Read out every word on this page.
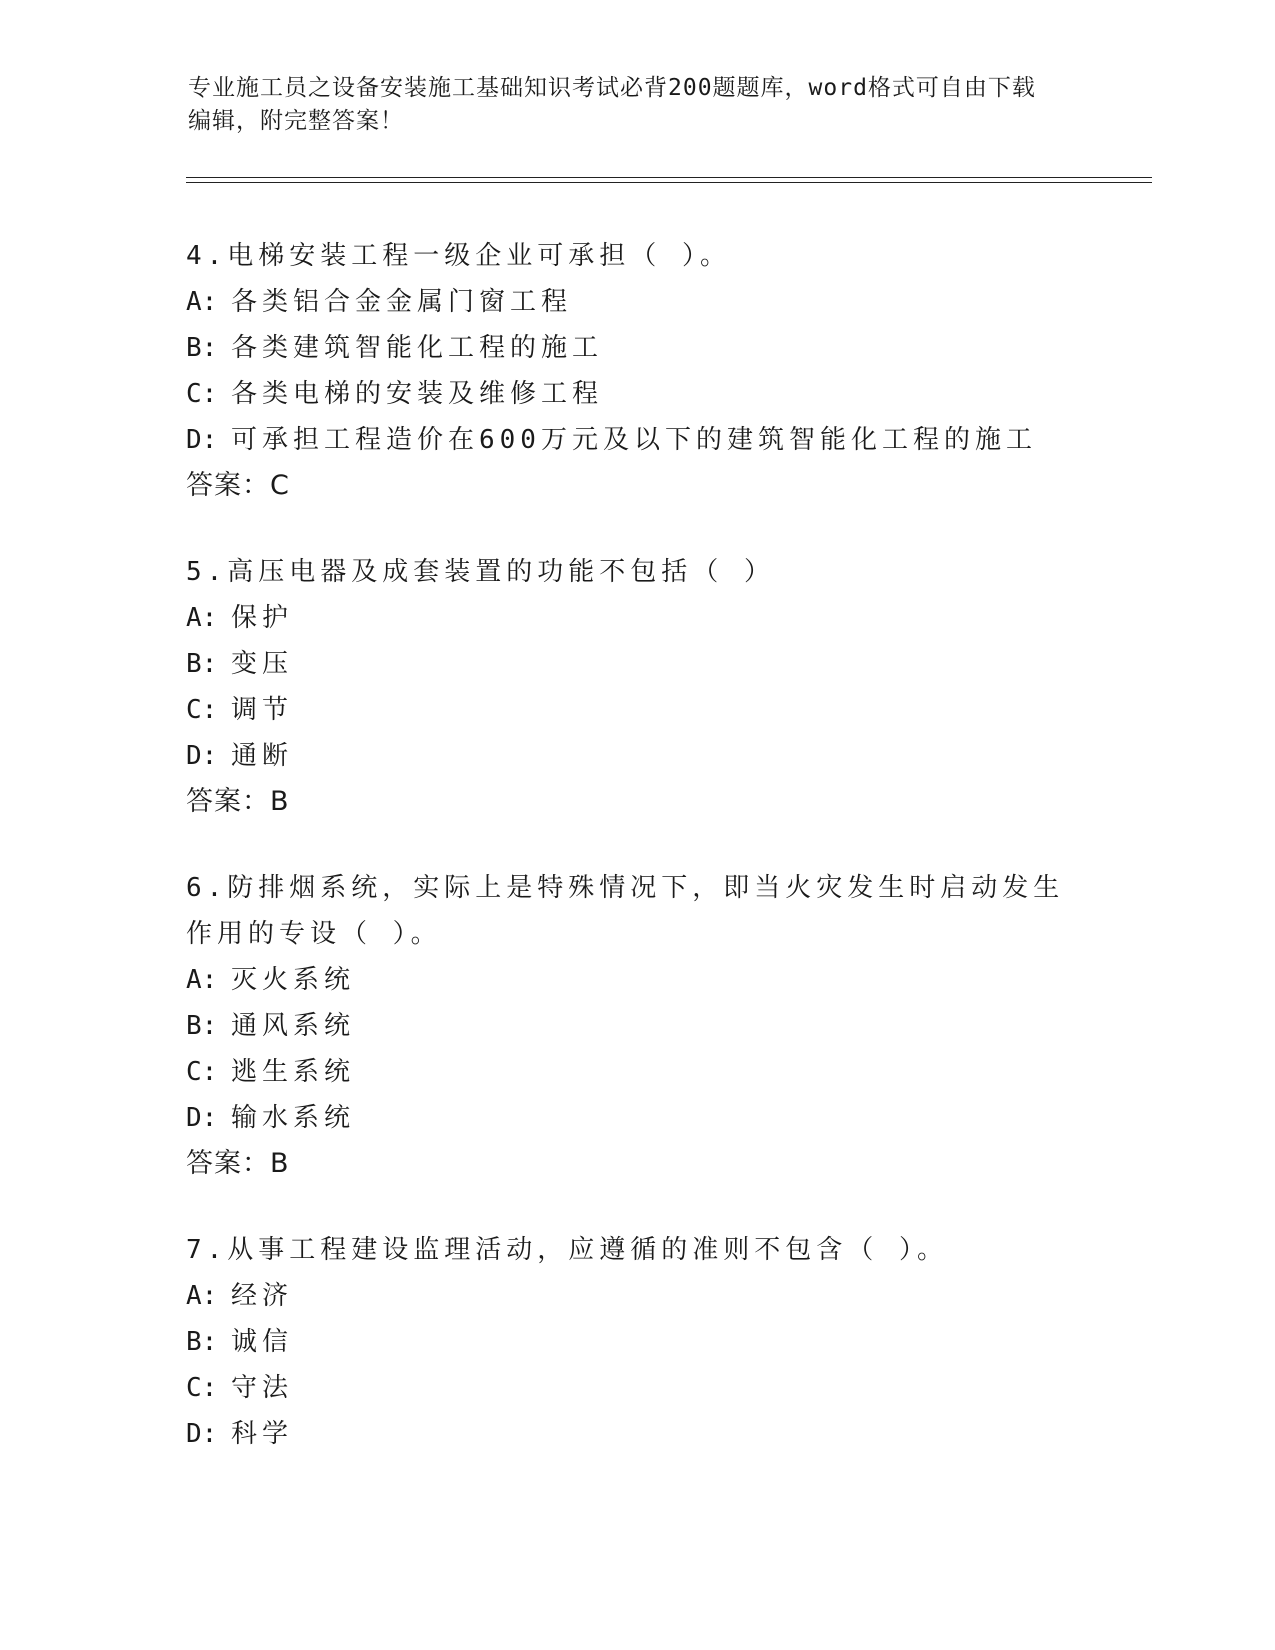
专业施工员之设备安装施工基础知识考试必背200题题库，word格式可自由下载
编辑，附完整答案！
4.电梯安装工程一级企业可承担（ ）。
A: 各类铝合金金属门窗工程
B: 各类建筑智能化工程的施工
C: 各类电梯的安装及维修工程
D: 可承担工程造价在600万元及以下的建筑智能化工程的施工
答案：C
5.高压电器及成套装置的功能不包括（ ）
A: 保护
B: 变压
C: 调节
D: 通断
答案：B
6.防排烟系统，实际上是特殊情况下，即当火灾发生时启动发生作用的专设（ ）。
A: 灭火系统
B: 通风系统
C: 逃生系统
D: 输水系统
答案：B
7.从事工程建设监理活动，应遵循的准则不包含（ ）。
A: 经济
B: 诚信
C: 守法
D: 科学
